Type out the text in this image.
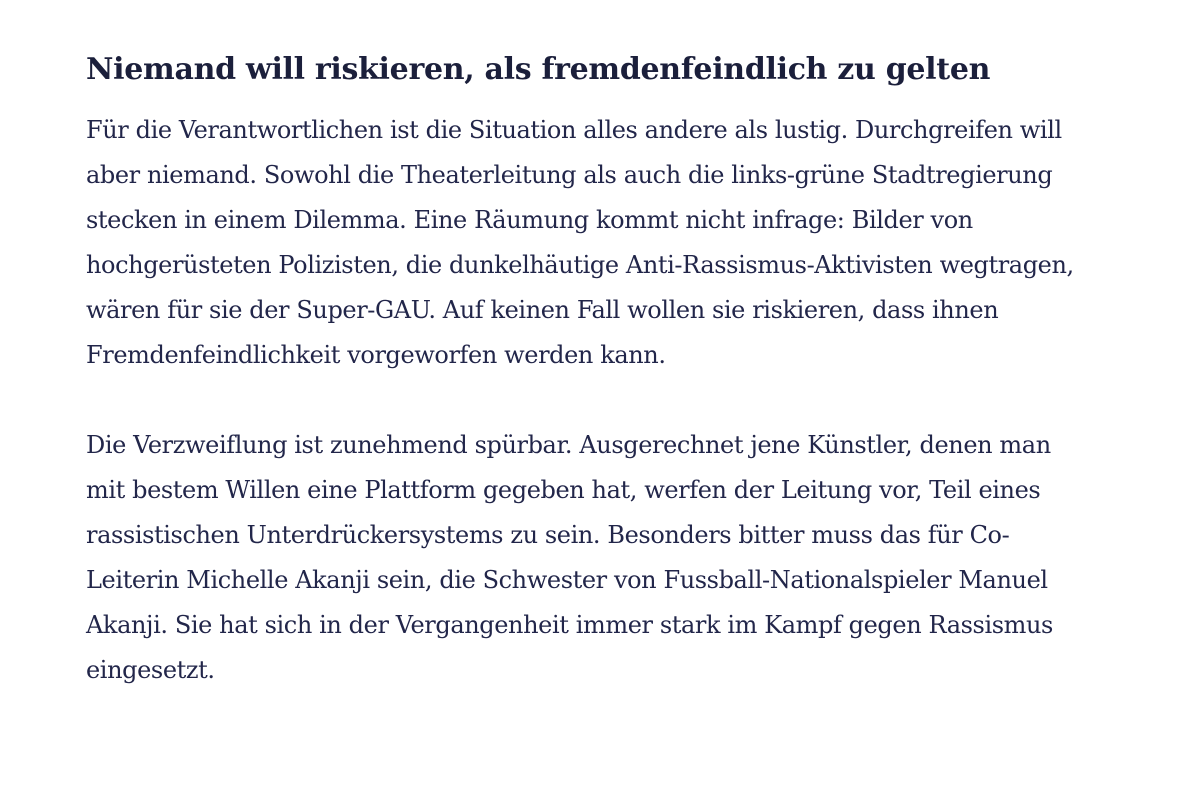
Niemand will riskieren, als fremdenfeindlich zu gelten

Für die Verantwortlichen ist die Situation alles andere als lustig. Durchgreifen will aber niemand. Sowohl die Theaterleitung als auch die links-grüne Stadtregierung stecken in einem Dilemma. Eine Räumung kommt nicht infrage: Bilder von hochgerüsteten Polizisten, die dunkelhäutige Anti-Rassismus-Aktivisten wegtragen, wären für sie der Super-GAU. Auf keinen Fall wollen sie riskieren, dass ihnen Fremdenfeindlichkeit vorgeworfen werden kann.

Die Verzweiflung ist zunehmend spürbar. Ausgerechnet jene Künstler, denen man mit bestem Willen eine Plattform gegeben hat, werfen der Leitung vor, Teil eines rassistischen Unterdrückersystems zu sein. Besonders bitter muss das für Co-Leiterin Michelle Akanji sein, die Schwester von Fussball-Nationalspieler Manuel Akanji. Sie hat sich in der Vergangenheit immer stark im Kampf gegen Rassismus eingesetzt.
